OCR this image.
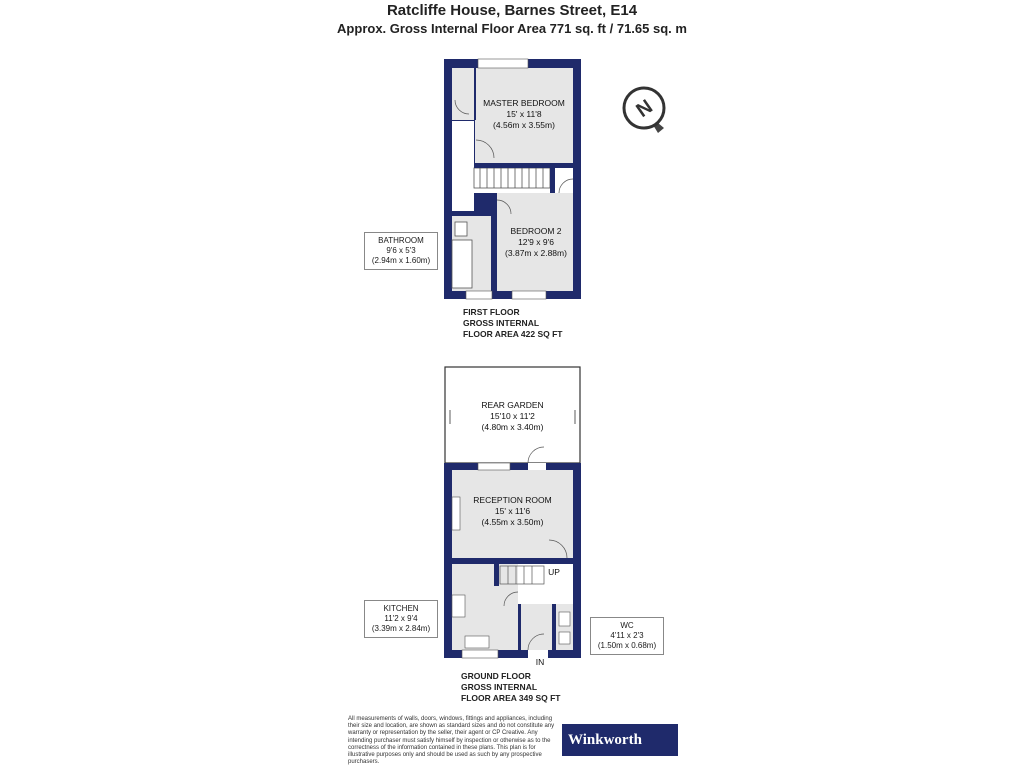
Ratcliffe House, Barnes Street, E14
Approx. Gross Internal Floor Area 771 sq. ft / 71.65 sq. m
N
MASTER BEDROOM
15' x 11'8
(4.56m x 3.55m)
BEDROOM 2
12'9 x 9'6
(3.87m x 2.88m)
BATHROOM
9'6 x 5'3
(2.94m x 1.60m)
FIRST FLOOR
GROSS INTERNAL
FLOOR AREA 422 SQ FT
REAR GARDEN
15'10 x 11'2
(4.80m x 3.40m)
RECEPTION ROOM
15' x 11'6
(4.55m x 3.50m)
UP
IN
KITCHEN
11'2 x 9'4
(3.39m x 2.84m)	WC
4'11 x 2'3
(1.50m x 0.68m)
GROUND FLOOR
GROSS INTERNAL
FLOOR AREA 349 SQ FT
All measurements of walls, doors, windows, fittings and appliances, including their size and location, are shown as standard sizes and do not constitute any warranty or representation by the seller, their agent or CP Creative. Any intending purchaser must satisfy himself by inspection or otherwise as to the correctness of the information contained in these plans. This plan is for illustrative purposes only and should be used as such by any prospective purchasers.
Winkworth
